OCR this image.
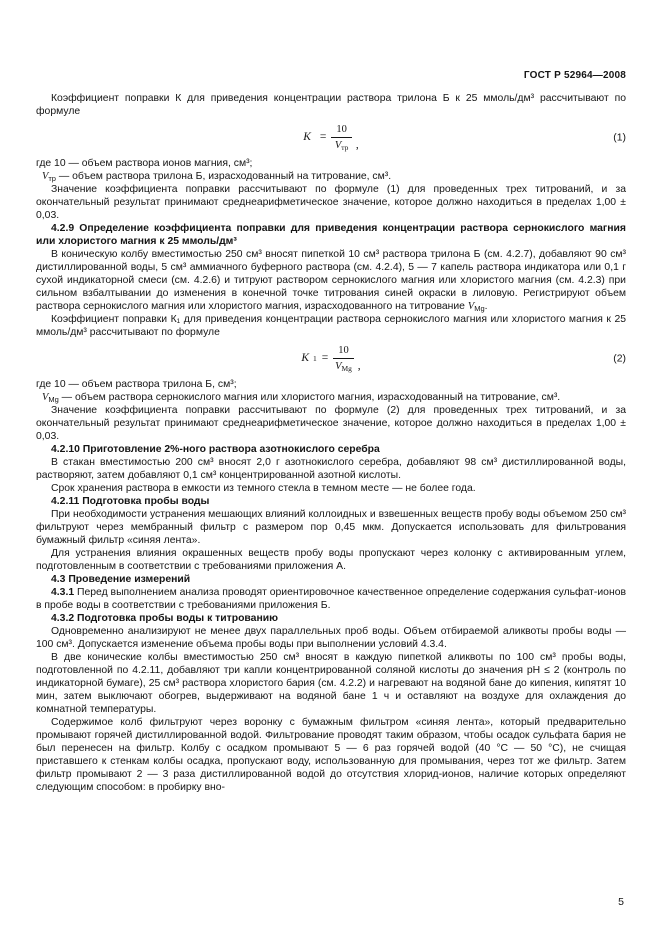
ГОСТ Р 52964—2008

Коэффициент поправки К для приведения концентрации раствора трилона Б к 25 ммоль/дм³ рассчитывают по формуле

$К = \frac{10}{V_{тр}}$ ,
(1)

где 10 — объем раствора ионов магния, см³;

$V_{тр}$ — объем раствора трилона Б, израсходованный на титрование, см³.

Значение коэффициента поправки рассчитывают по формуле (1) для проведенных трех титрований, и за окончательный результат принимают среднеарифметическое значение, которое должно находиться в пределах 1,00 ± 0,03.

4.2.9 Определение коэффициента поправки для приведения концентрации раствора сернокислого магния или хлористого магния к 25 ммоль/дм³

В коническую колбу вместимостью 250 см³ вносят пипеткой 10 см³ раствора трилона Б (см. 4.2.7), добавляют 90 см³ дистиллированной воды, 5 см³ аммиачного буферного раствора (см. 4.2.4), 5 — 7 капель раствора индикатора или 0,1 г сухой индикаторной смеси (см. 4.2.6) и титруют раствором сернокислого магния или хлористого магния (см. 4.2.3) при сильном взбалтывании до изменения в конечной точке титрования синей окраски в лиловую. Регистрируют объем раствора сернокислого магния или хлористого магния, израсходованного на титрование $V_{Mg}$.

Коэффициент поправки К₁ для приведения концентрации раствора сернокислого магния или хлористого магния к 25 ммоль/дм³ рассчитывают по формуле

К $1 = \frac{10}{V_{Mg}}$ ,
(2)

где 10 — объем раствора трилона Б, см³;

$V_{Mg}$ — объем раствора сернокислого магния или хлористого магния, израсходованный на титрование, см³.

Значение коэффициента поправки рассчитывают по формуле (2) для проведенных трех титрований, и за окончательный результат принимают среднеарифметическое значение, которое должно находиться в пределах 1,00 ± 0,03.

4.2.10 Приготовление 2%-ного раствора азотнокислого серебра

В стакан вместимостью 200 см³ вносят 2,0 г азотнокислого серебра, добавляют 98 см³ дистиллированной воды, растворяют, затем добавляют 0,1 см³ концентрированной азотной кислоты.

Срок хранения раствора в емкости из темного стекла в темном месте — не более года.

4.2.11 Подготовка пробы воды

При необходимости устранения мешающих влияний коллоидных и взвешенных веществ пробу воды объемом 250 см³ фильтруют через мембранный фильтр с размером пор 0,45 мкм. Допускается использовать для фильтрования бумажный фильтр «синяя лента».

Для устранения влияния окрашенных веществ пробу воды пропускают через колонку с активированным углем, подготовленным в соответствии с требованиями приложения А.

4.3 Проведение измерений

4.3.1 Перед выполнением анализа проводят ориентировочное качественное определение содержания сульфат-ионов в пробе воды в соответствии с требованиями приложения Б.

4.3.2 Подготовка пробы воды к титрованию

Одновременно анализируют не менее двух параллельных проб воды. Объем отбираемой аликвоты пробы воды — 100 см³. Допускается изменение объема пробы воды при выполнении условий 4.3.4.

В две конические колбы вместимостью 250 см³ вносят в каждую пипеткой аликвоты по 100 см³ пробы воды, подготовленной по 4.2.11, добавляют три капли концентрированной соляной кислоты до значения pH ≤ 2 (контроль по индикаторной бумаге), 25 см³ раствора хлористого бария (см. 4.2.2) и нагревают на водяной бане до кипения, кипятят 10 мин, затем выключают обогрев, выдерживают на водяной бане 1 ч и оставляют на воздухе для охлаждения до комнатной температуры.

Содержимое колб фильтруют через воронку с бумажным фильтром «синяя лента», который предварительно промывают горячей дистиллированной водой. Фильтрование проводят таким образом, чтобы осадок сульфата бария не был перенесен на фильтр. Колбу с осадком промывают 5 — 6 раз горячей водой (40 °С — 50 °С), не счищая приставшего к стенкам колбы осадка, пропускают воду, использованную для промывания, через тот же фильтр. Затем фильтр промывают 2 — 3 раза дистиллированной водой до отсутствия хлорид-ионов, наличие которых определяют следующим способом: в пробирку вно-

5
